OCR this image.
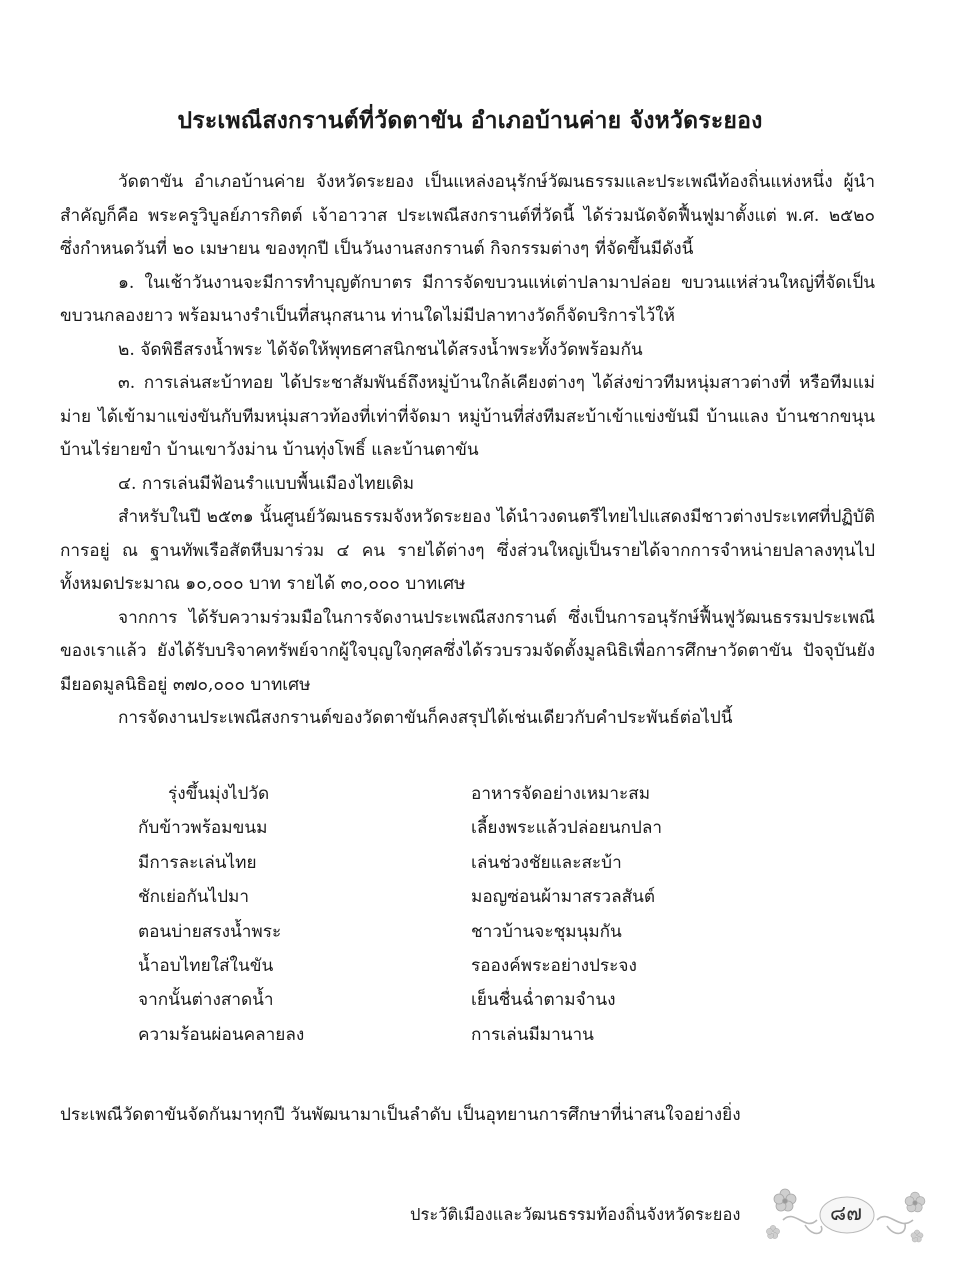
ประเพณีสงกรานต์ที่วัดตาขัน อำเภอบ้านค่าย จังหวัดระยอง

วัดตาขัน อำเภอบ้านค่าย จังหวัดระยอง เป็นแหล่งอนุรักษ์วัฒนธรรมและประเพณีท้องถิ่นแห่งหนึ่ง ผู้นำสำคัญก็คือ พระครูวิบูลย์ภารกิตต์ เจ้าอาวาส ประเพณีสงกรานต์ที่วัดนี้ ได้ร่วมนัดจัดฟื้นฟูมาตั้งแต่ พ.ศ. ๒๕๒๐ ซึ่งกำหนดวันที่ ๒๐ เมษายน ของทุกปี เป็นวันงานสงกรานต์ กิจกรรมต่างๆ ที่จัดขึ้นมีดังนี้

๑. ในเช้าวันงานจะมีการทำบุญตักบาตร มีการจัดขบวนแห่เต่าปลามาปล่อย ขบวนแห่ส่วนใหญ่ที่จัดเป็นขบวนกลองยาว พร้อมนางรำเป็นที่สนุกสนาน ท่านใดไม่มีปลาทางวัดก็จัดบริการไว้ให้

๒. จัดพิธีสรงน้ำพระ ได้จัดให้พุทธศาสนิกชนได้สรงน้ำพระทั้งวัดพร้อมกัน

๓. การเล่นสะบ้าทอย ได้ประชาสัมพันธ์ถึงหมู่บ้านใกล้เคียงต่างๆ ได้ส่งข่าวทีมหนุ่มสาวต่างที่ หรือทีมแม่ม่าย ได้เข้ามาแข่งขันกับทีมหนุ่มสาวท้องที่เท่าที่จัดมา หมู่บ้านที่ส่งทีมสะบ้าเข้าแข่งขันมี บ้านแลง บ้านชากขนุน บ้านไร่ยายขำ บ้านเขาวังม่าน บ้านทุ่งโพธิ์ และบ้านตาขัน

๔. การเล่นมีฟ้อนรำแบบพื้นเมืองไทยเดิม

สำหรับในปี ๒๕๓๑ นั้นศูนย์วัฒนธรรมจังหวัดระยอง ได้นำวงดนตรีไทยไปแสดงมีชาวต่างประเทศที่ปฏิบัติการอยู่ ณ ฐานทัพเรือสัตหีบมาร่วม ๔ คน รายได้ต่างๆ ซึ่งส่วนใหญ่เป็นรายได้จากการจำหน่ายปลาลงทุนไปทั้งหมดประมาณ ๑๐,๐๐๐ บาท รายได้ ๓๐,๐๐๐ บาทเศษ

จากการ ได้รับความร่วมมือในการจัดงานประเพณีสงกรานต์ ซึ่งเป็นการอนุรักษ์ฟื้นฟูวัฒนธรรมประเพณีของเราแล้ว ยังได้รับบริจาคทรัพย์จากผู้ใจบุญใจกุศลซึ่งได้รวบรวมจัดตั้งมูลนิธิเพื่อการศึกษาวัดตาขัน ปัจจุบันยังมียอดมูลนิธิอยู่ ๓๗๐,๐๐๐ บาทเศษ

การจัดงานประเพณีสงกรานต์ของวัดตาขันก็คงสรุปได้เช่นเดียวกับคำประพันธ์ต่อไปนี้

รุ่งขึ้นมุ่งไปวัด
กับข้าวพร้อมขนม
มีการละเล่นไทย
ชักเย่อกันไปมา
ตอนบ่ายสรงน้ำพระ
น้ำอบไทยใส่ในขัน
จากนั้นต่างสาดน้ำ
ความร้อนผ่อนคลายลง
อาหารจัดอย่างเหมาะสม
เลี้ยงพระแล้วปล่อยนกปลา
เล่นช่วงชัยและสะบ้า
มอญซ่อนผ้ามาสรวลสันต์
ชาวบ้านจะชุมนุมกัน
รอองค์พระอย่างประจง
เย็นชื่นฉ่ำตามจำนง
การเล่นมีมานาน

ประเพณีวัดตาขันจัดกันมาทุกปี วันพัฒนามาเป็นลำดับ เป็นอุทยานการศึกษาที่น่าสนใจอย่างยิ่ง

ประวัติเมืองและวัฒนธรรมท้องถิ่นจังหวัดระยอง	๘๗
